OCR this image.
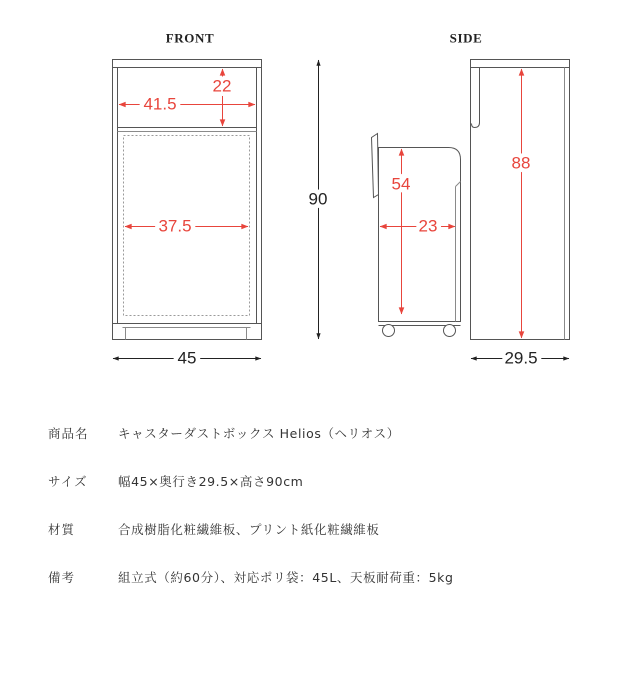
FRONT	SIDE
41.5
22
37.5
45
90
54
23
88
29.5
商品名 キャスターダストボックス Helios（ヘリオス）
サイズ 幅45×奥行き29.5×高さ90cm
材質	合成樹脂化粧繊維板、プリント紙化粧繊維板
備考	組立式（約60分）、対応ポリ袋：45L、天板耐荷重：5kg
